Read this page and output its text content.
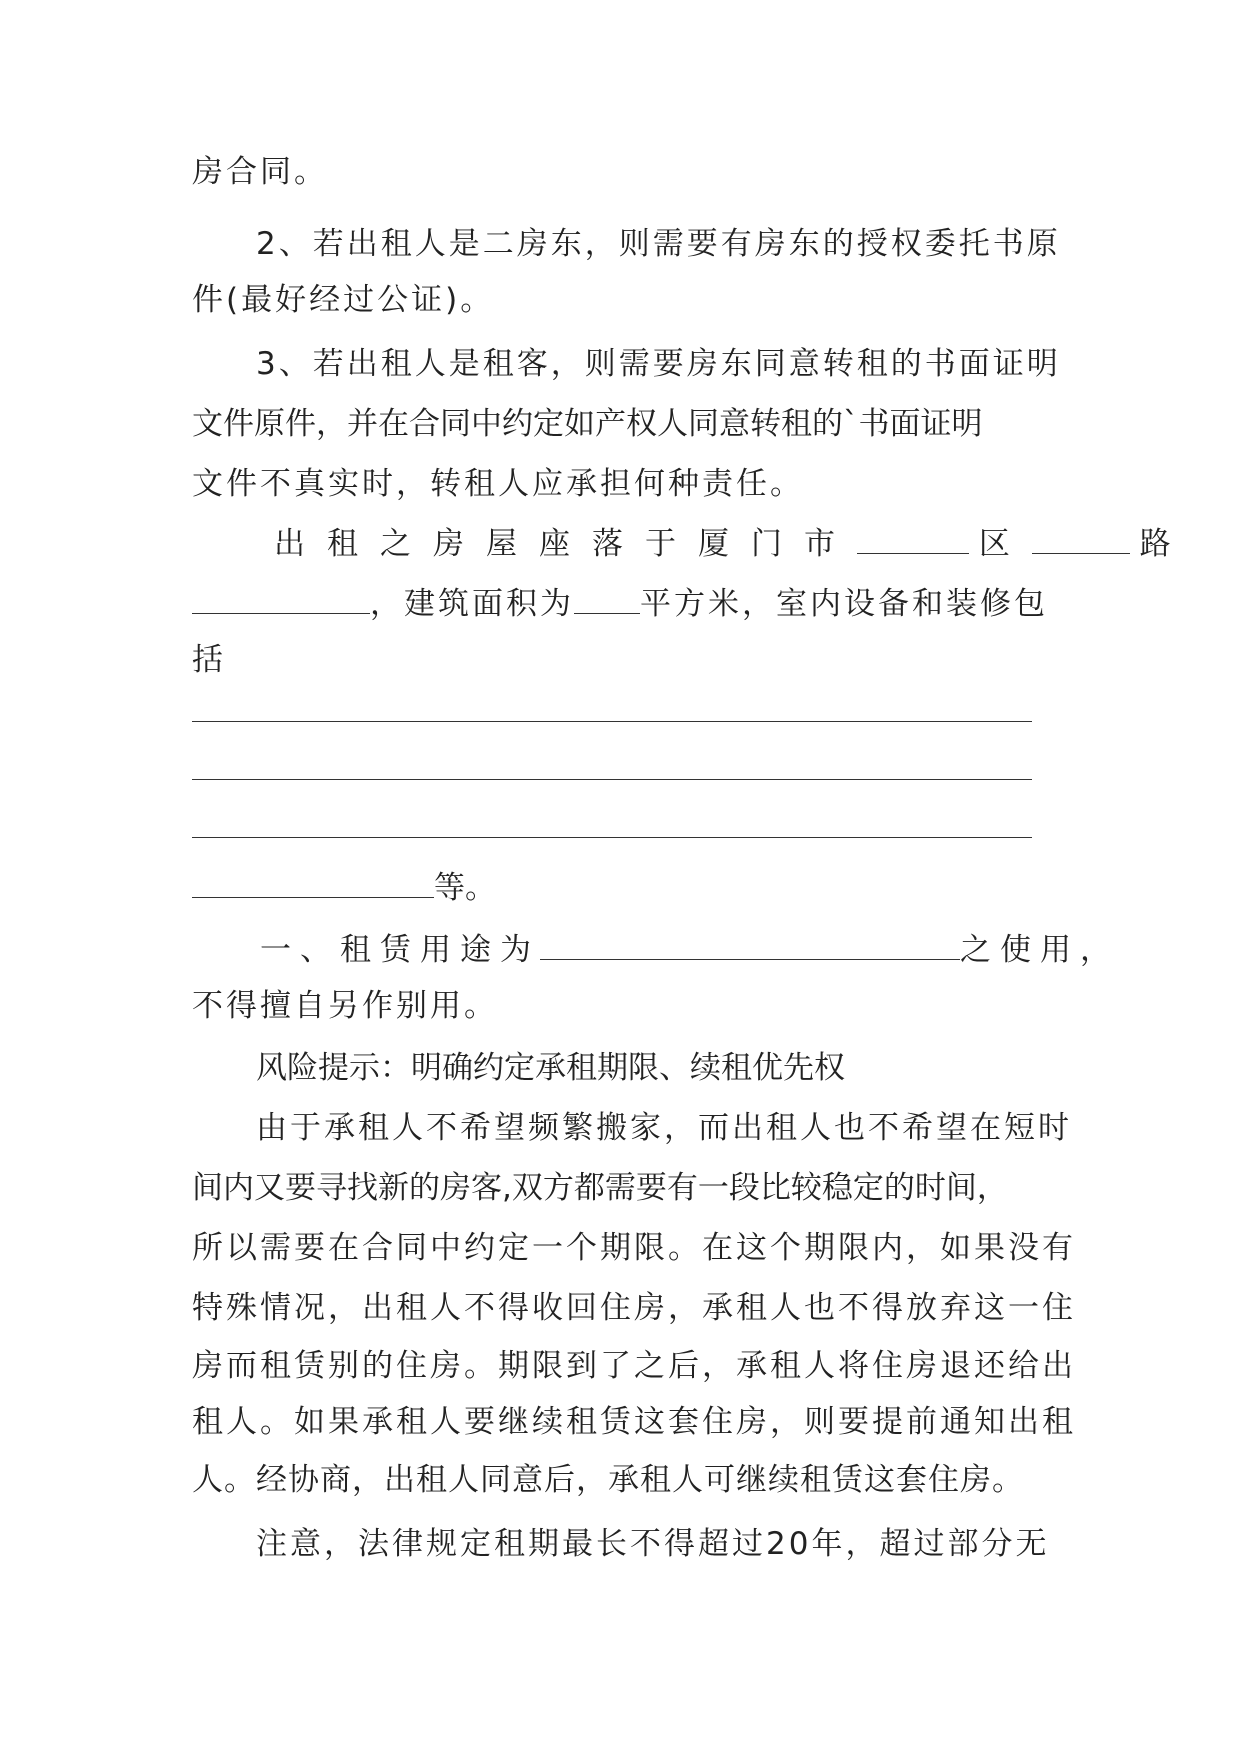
房合同。
2、若出租人是二房东，则需要有房东的授权委托书原
件(最好经过公证)。
3、若出租人是租客，则需要房东同意转租的书面证明
文件原件，并在合同中约定如产权人同意转租的`书面证明
文件不真实时，转租人应承担何种责任。
出租之房屋座落于厦门市	区	路
，建筑面积为 平方米，室内设备和装修包
括
等。
一、租赁用途为	之使用，
不得擅自另作别用。
风险提示：明确约定承租期限、续租优先权
由于承租人不希望频繁搬家，而出租人也不希望在短时
间内又要寻找新的房客,双方都需要有一段比较稳定的时间，
所以需要在合同中约定一个期限。在这个期限内，如果没有
特殊情况，出租人不得收回住房，承租人也不得放弃这一住
房而租赁别的住房。期限到了之后，承租人将住房退还给出
租人。如果承租人要继续租赁这套住房，则要提前通知出租
人。经协商，出租人同意后，承租人可继续租赁这套住房。
注意，法律规定租期最长不得超过20年，超过部分无
